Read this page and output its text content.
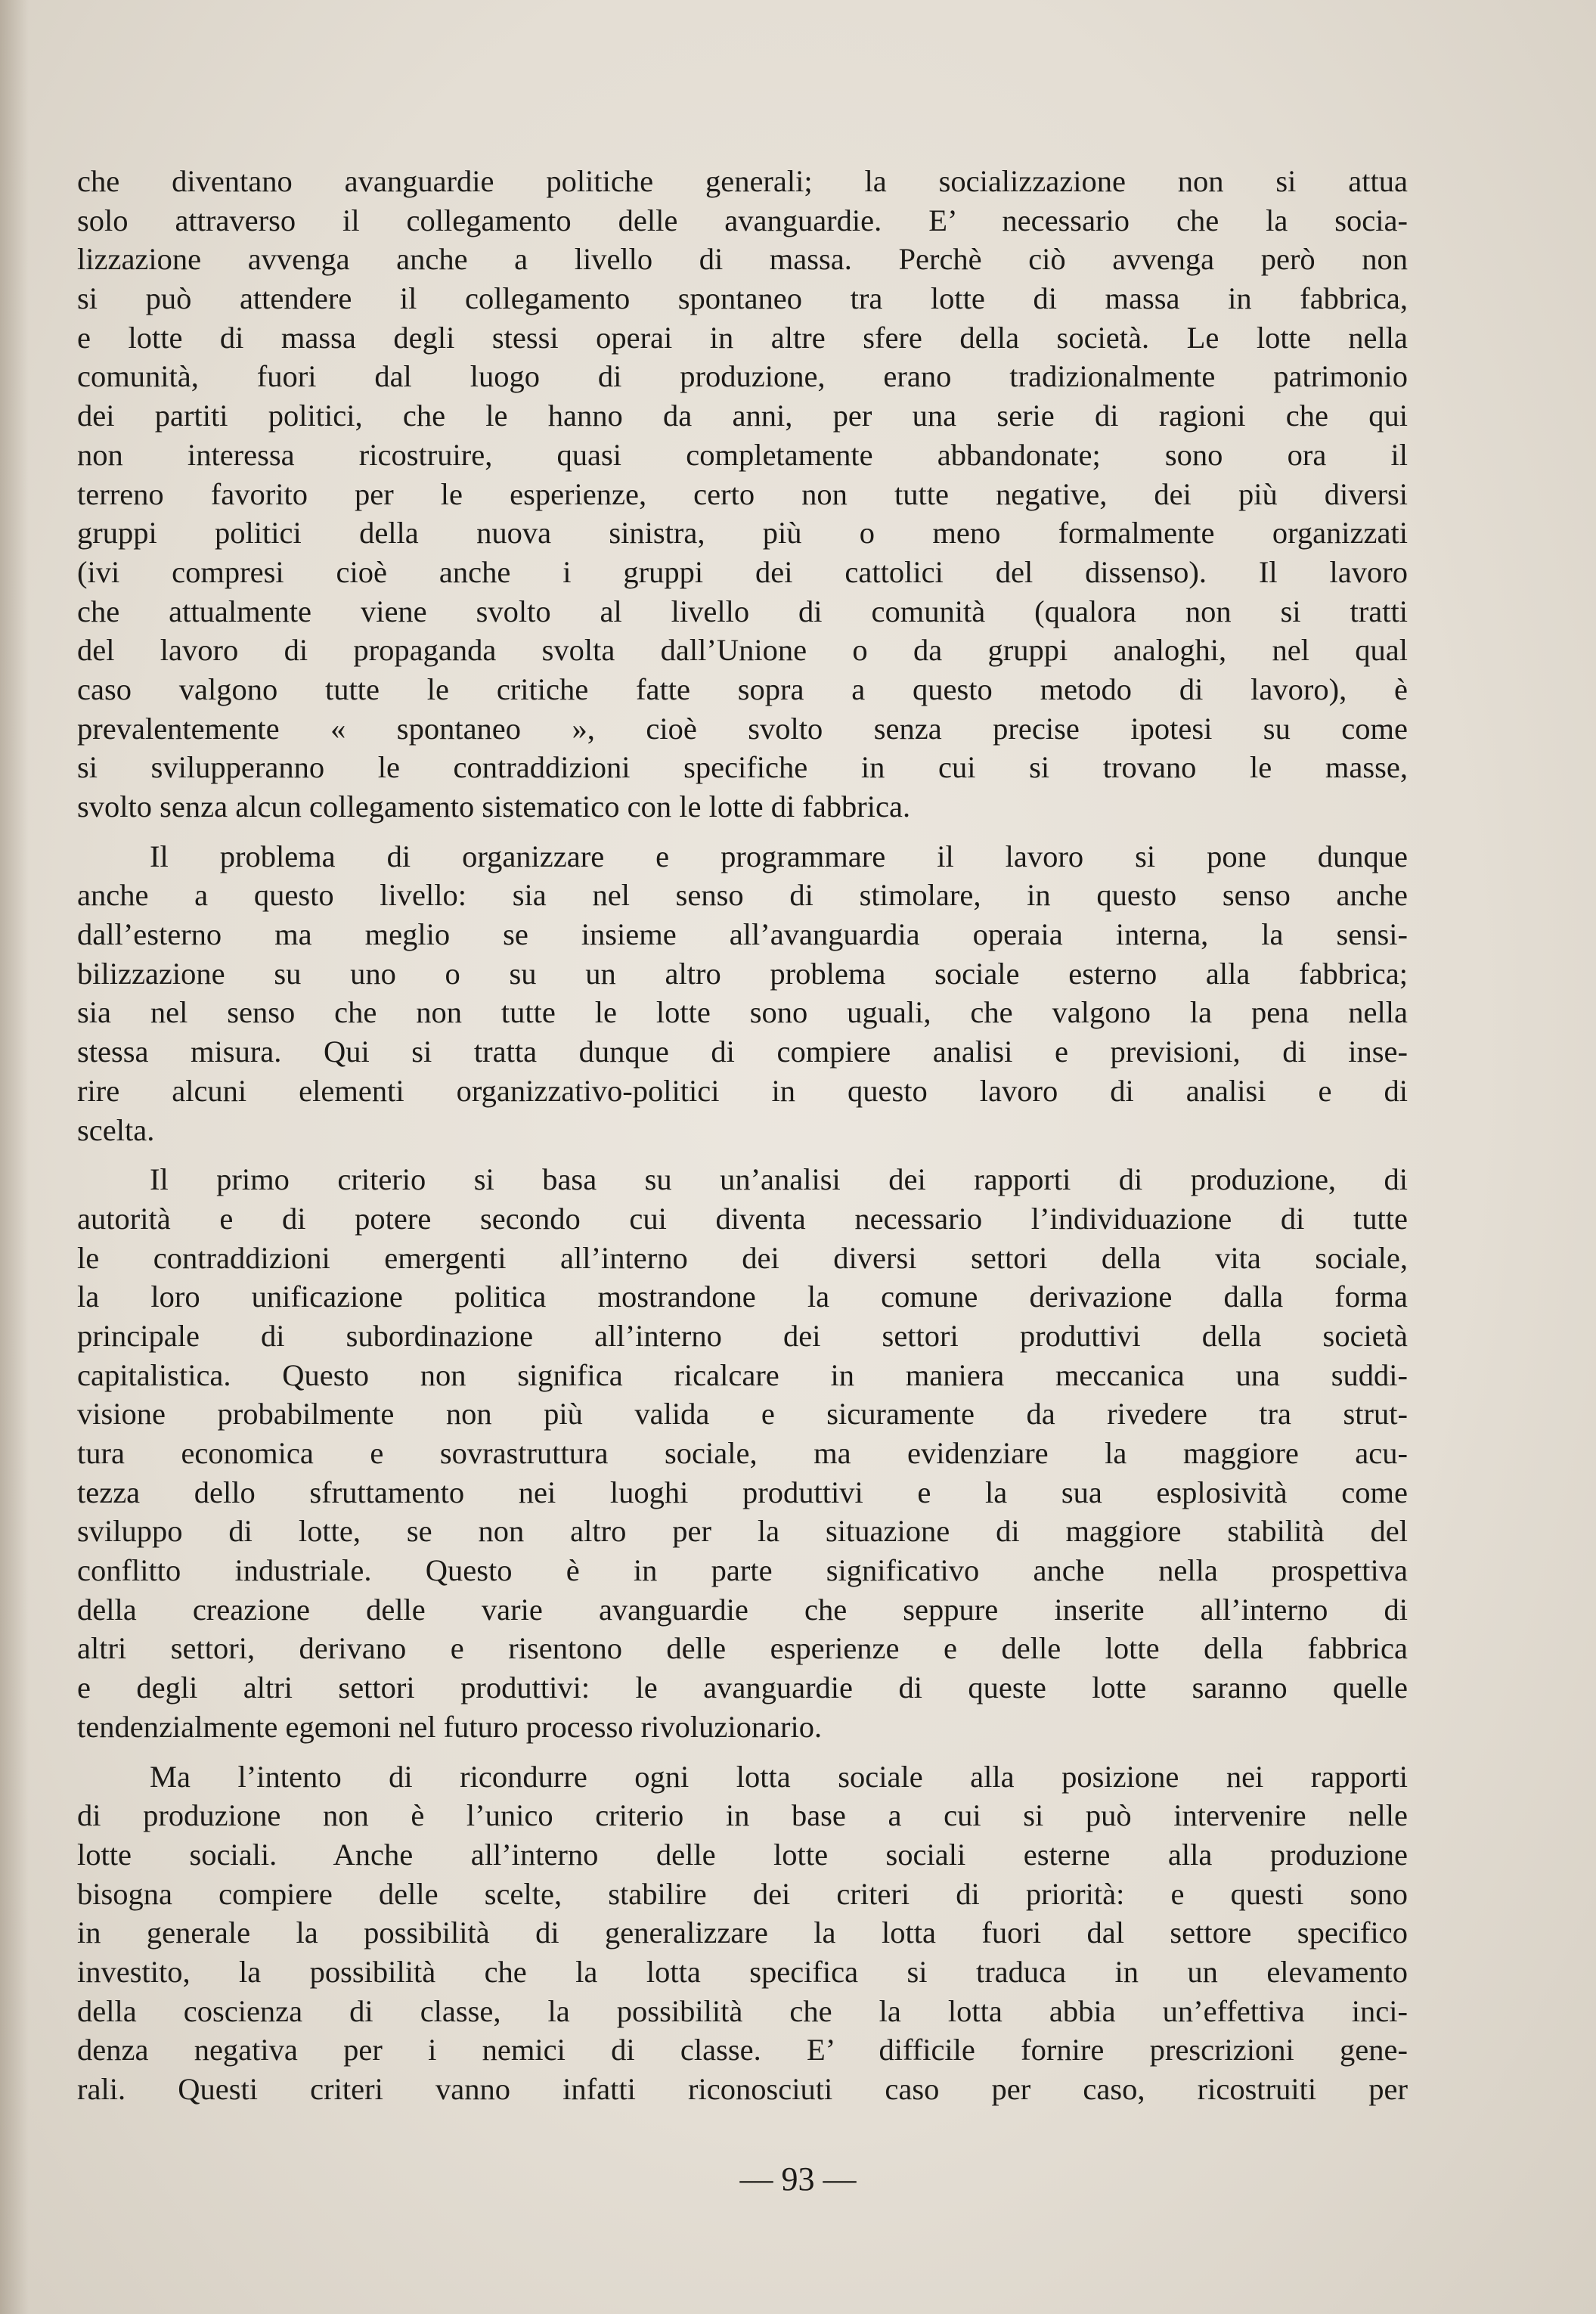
che diventano avanguardie politiche generali; la socializzazione non si attua
solo attraverso il collegamento delle avanguardie. E’ necessario che la socia-
lizzazione avvenga anche a livello di massa. Perchè ciò avvenga però non
si può attendere il collegamento spontaneo tra lotte di massa in fabbrica,
e lotte di massa degli stessi operai in altre sfere della società. Le lotte nella
comunità, fuori dal luogo di produzione, erano tradizionalmente patrimonio
dei partiti politici, che le hanno da anni, per una serie di ragioni che qui
non interessa ricostruire, quasi completamente abbandonate; sono ora il
terreno favorito per le esperienze, certo non tutte negative, dei più diversi
gruppi politici della nuova sinistra, più o meno formalmente organizzati
(ivi compresi cioè anche i gruppi dei cattolici del dissenso). Il lavoro
che attualmente viene svolto al livello di comunità (qualora non si tratti
del lavoro di propaganda svolta dall’Unione o da gruppi analoghi, nel qual
caso valgono tutte le critiche fatte sopra a questo metodo di lavoro), è
prevalentemente « spontaneo », cioè svolto senza precise ipotesi su come
si svilupperanno le contraddizioni specifiche in cui si trovano le masse,
svolto senza alcun collegamento sistematico con le lotte di fabbrica.
Il problema di organizzare e programmare il lavoro si pone dunque
anche a questo livello: sia nel senso di stimolare, in questo senso anche
dall’esterno ma meglio se insieme all’avanguardia operaia interna, la sensi-
bilizzazione su uno o su un altro problema sociale esterno alla fabbrica;
sia nel senso che non tutte le lotte sono uguali, che valgono la pena nella
stessa misura. Qui si tratta dunque di compiere analisi e previsioni, di inse-
rire alcuni elementi organizzativo-politici in questo lavoro di analisi e di
scelta.
Il primo criterio si basa su un’analisi dei rapporti di produzione, di
autorità e di potere secondo cui diventa necessario l’individuazione di tutte
le contraddizioni emergenti all’interno dei diversi settori della vita sociale,
la loro unificazione politica mostrandone la comune derivazione dalla forma
principale di subordinazione all’interno dei settori produttivi della società
capitalistica. Questo non significa ricalcare in maniera meccanica una suddi-
visione probabilmente non più valida e sicuramente da rivedere tra strut-
tura economica e sovrastruttura sociale, ma evidenziare la maggiore acu-
tezza dello sfruttamento nei luoghi produttivi e la sua esplosività come
sviluppo di lotte, se non altro per la situazione di maggiore stabilità del
conflitto industriale. Questo è in parte significativo anche nella prospettiva
della creazione delle varie avanguardie che seppure inserite all’interno di
altri settori, derivano e risentono delle esperienze e delle lotte della fabbrica
e degli altri settori produttivi: le avanguardie di queste lotte saranno quelle
tendenzialmente egemoni nel futuro processo rivoluzionario.
Ma l’intento di ricondurre ogni lotta sociale alla posizione nei rapporti
di produzione non è l’unico criterio in base a cui si può intervenire nelle
lotte sociali. Anche all’interno delle lotte sociali esterne alla produzione
bisogna compiere delle scelte, stabilire dei criteri di priorità: e questi sono
in generale la possibilità di generalizzare la lotta fuori dal settore specifico
investito, la possibilità che la lotta specifica si traduca in un elevamento
della coscienza di classe, la possibilità che la lotta abbia un’effettiva inci-
denza negativa per i nemici di classe. E’ difficile fornire prescrizioni gene-
rali. Questi criteri vanno infatti riconosciuti caso per caso, ricostruiti per
— 93 —
